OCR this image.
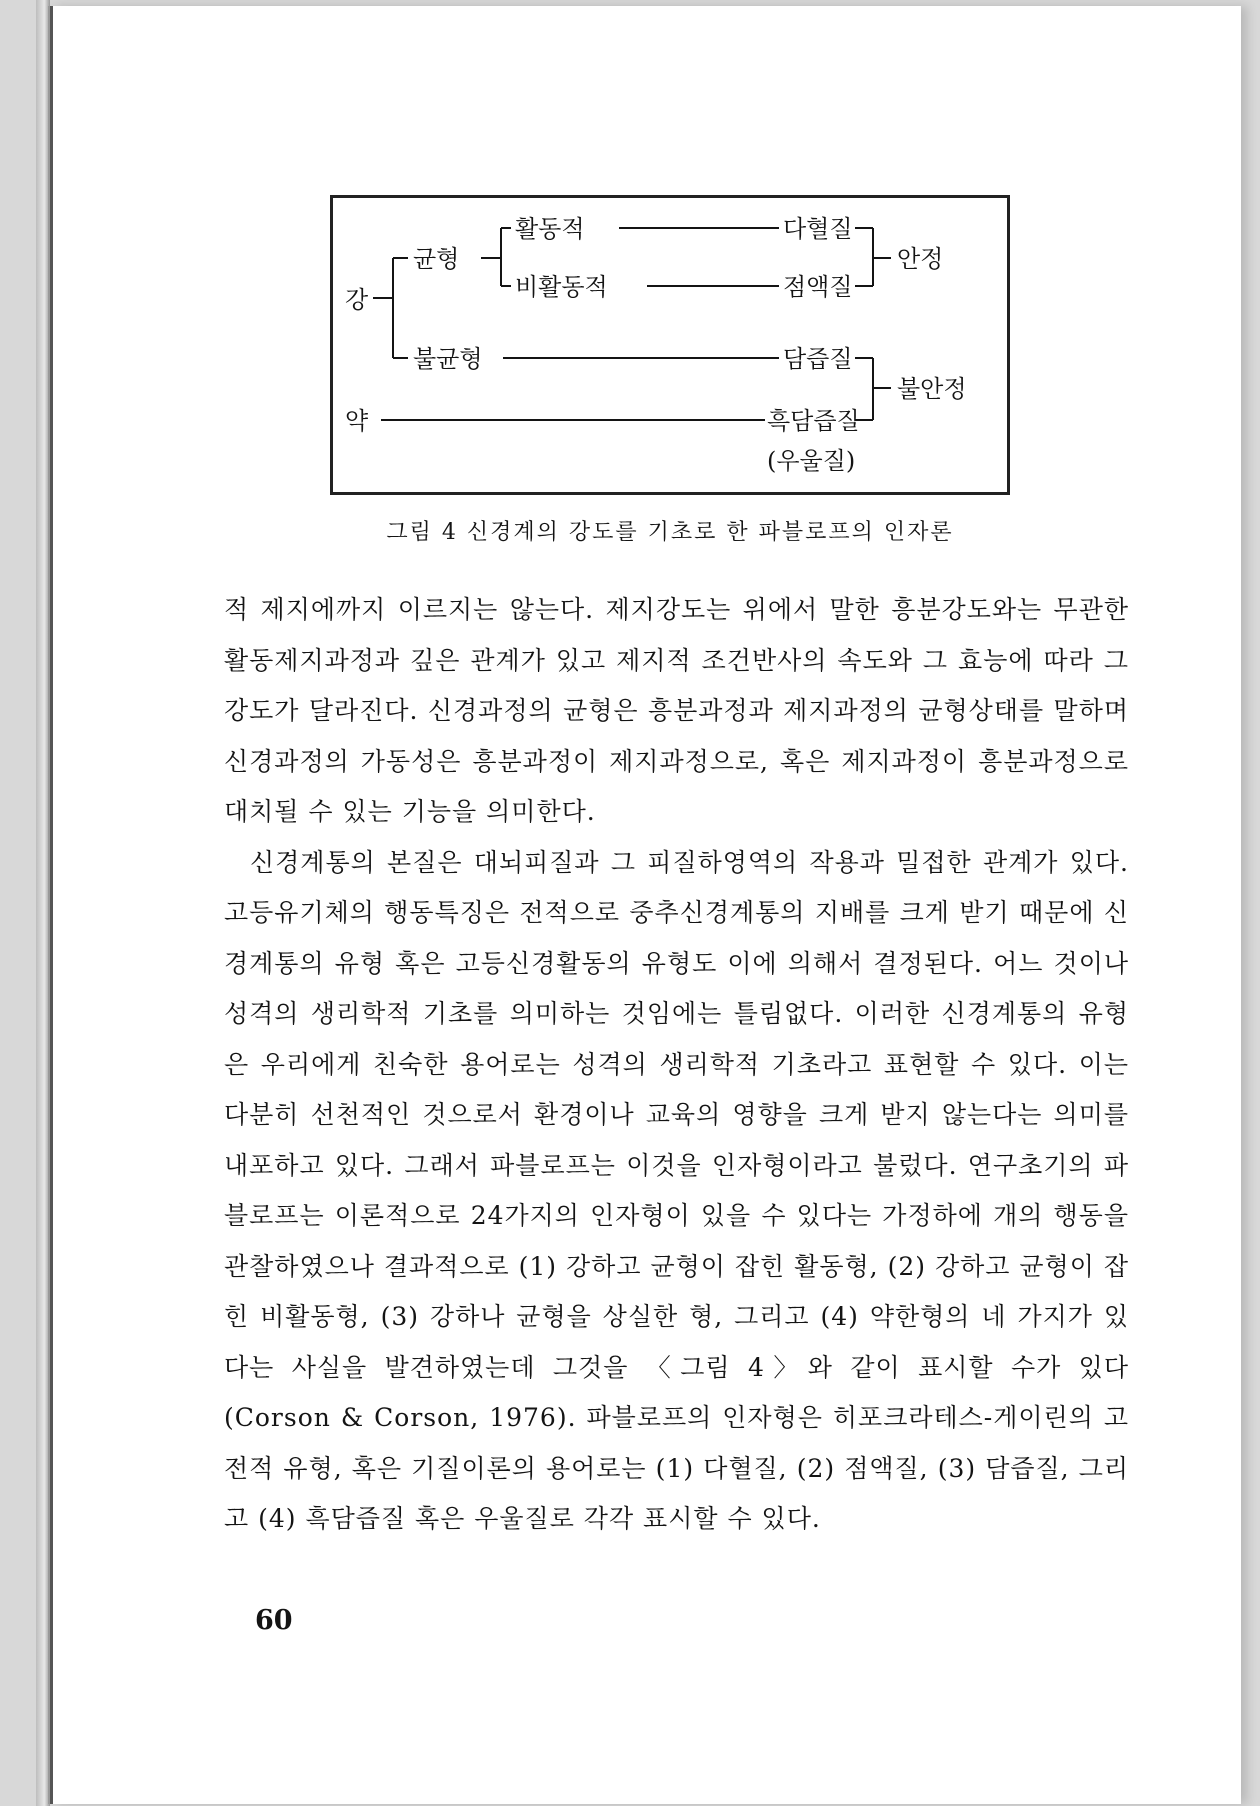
강
약
균형
불균형
활동적
비활동적
다혈질
점액질
담즙질
흑담즙질
(우울질)
안정
불안정
그림 4 신경계의 강도를 기초로 한 파블로프의 인자론

적 제지에까지 이르지는 않는다. 제지강도는 위에서 말한 흥분강도와는 무관한 활동제지과정과 깊은 관계가 있고 제지적 조건반사의 속도와 그 효능에 따라 그 강도가 달라진다. 신경과정의 균형은 흥분과정과 제지과정의 균형상태를 말하며 신경과정의 가동성은 흥분과정이 제지과정으로, 혹은 제지과정이 흥분과정으로 대치될 수 있는 기능을 의미한다.

신경계통의 본질은 대뇌피질과 그 피질하영역의 작용과 밀접한 관계가 있다. 고등유기체의 행동특징은 전적으로 중추신경계통의 지배를 크게 받기 때문에 신경계통의 유형 혹은 고등신경활동의 유형도 이에 의해서 결정된다. 어느 것이나 성격의 생리학적 기초를 의미하는 것임에는 틀림없다. 이러한 신경계통의 유형은 우리에게 친숙한 용어로는 성격의 생리학적 기초라고 표현할 수 있다. 이는 다분히 선천적인 것으로서 환경이나 교육의 영향을 크게 받지 않는다는 의미를 내포하고 있다. 그래서 파블로프는 이것을 인자형이라고 불렀다. 연구초기의 파블로프는 이론적으로 24가지의 인자형이 있을 수 있다는 가정하에 개의 행동을 관찰하였으나 결과적으로 (1) 강하고 균형이 잡힌 활동형, (2) 강하고 균형이 잡힌 비활동형, (3) 강하나 균형을 상실한 형, 그리고 (4) 약한형의 네 가지가 있다는 사실을 발견하였는데 그것을 〈그림 4〉와 같이 표시할 수가 있다(Corson & Corson, 1976). 파블로프의 인자형은 히포크라테스-게이린의 고전적 유형, 혹은 기질이론의 용어로는 (1) 다혈질, (2) 점액질, (3) 담즙질, 그리고 (4) 흑담즙질 혹은 우울질로 각각 표시할 수 있다.

60
